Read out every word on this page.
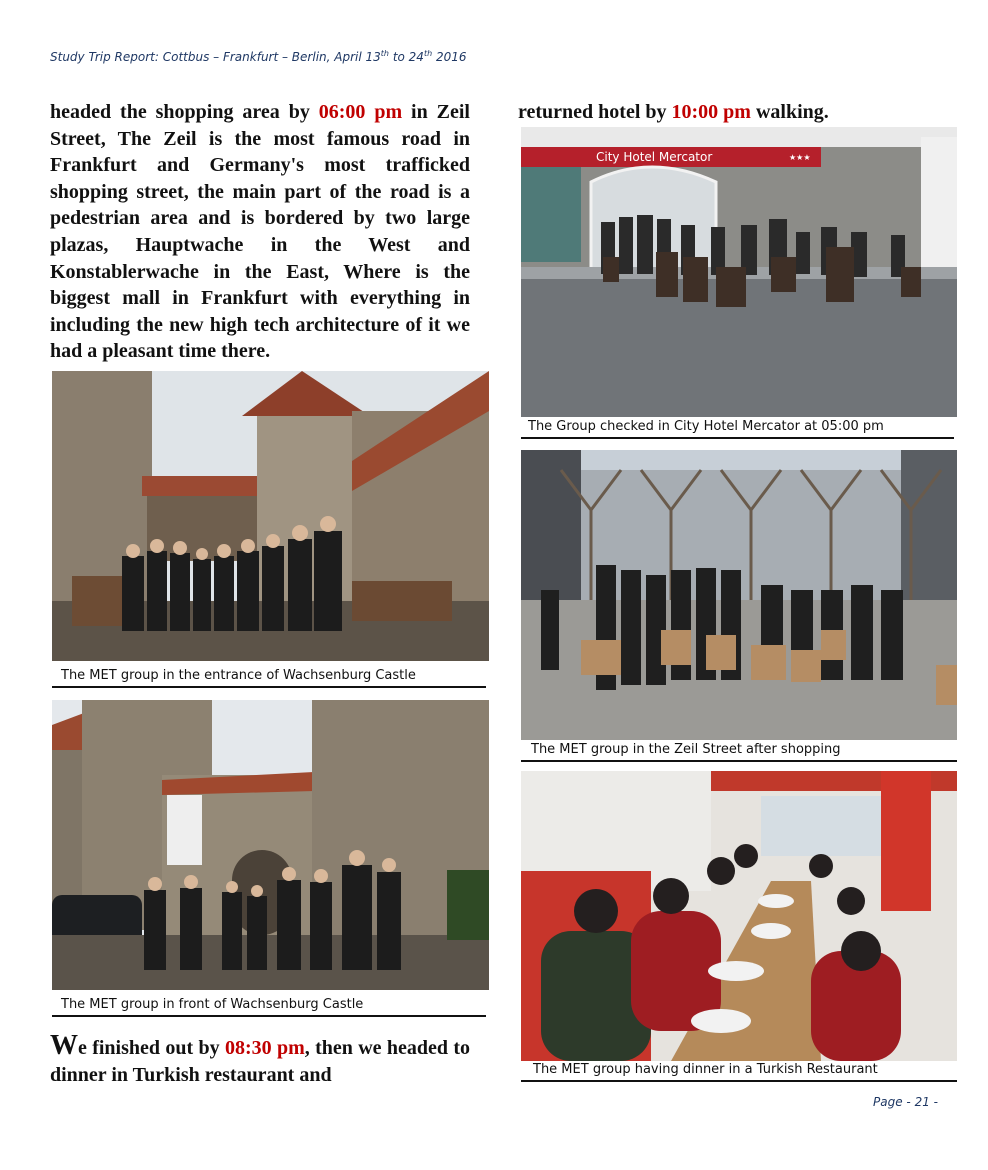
Study Trip Report: Cottbus – Frankfurt – Berlin, April 13th to 24th 2016
headed the shopping area by 06:00 pm in Zeil Street, The Zeil is the most famous road in Frankfurt and Germany's most trafficked shopping street, the main part of the road is a pedestrian area and is bordered by two large plazas, Hauptwache in the West and Konstablerwache in the East, Where is the biggest mall in Frankfurt with everything in including the new high tech architecture of it we had a pleasant time there.
returned hotel by 10:00 pm walking.
The MET group in the entrance of Wachsenburg Castle
The MET group in front of Wachsenburg Castle
We finished out by 08:30 pm, then we headed to dinner in Turkish restaurant and
City Hotel Mercator	★★★
The Group checked in City Hotel Mercator at 05:00 pm
The MET group in the Zeil Street after shopping
The MET group having dinner in a Turkish Restaurant
Page - 21 -
